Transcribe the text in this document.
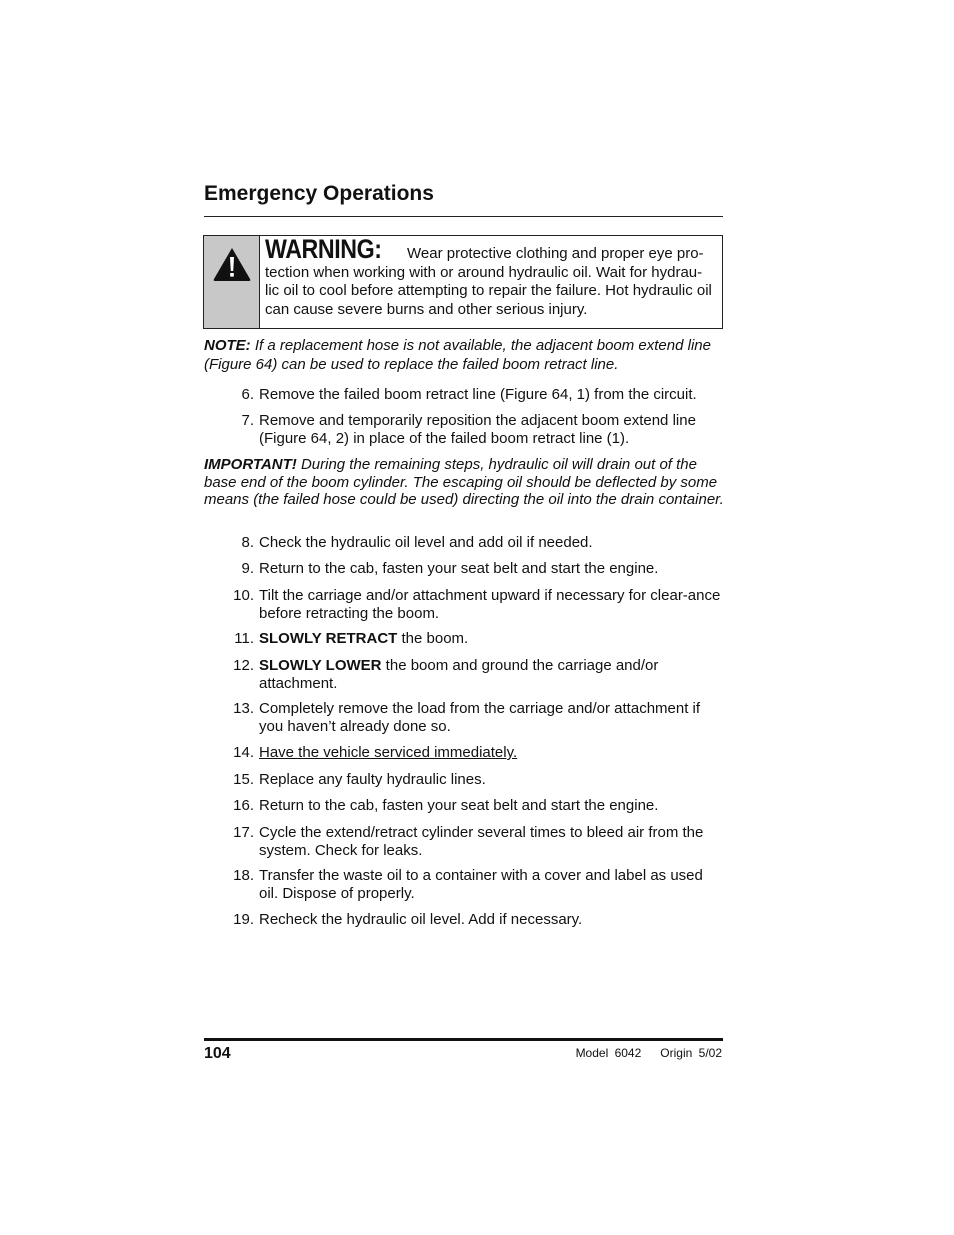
Emergency Operations
WARNING: Wear protective clothing and proper eye pro-
tection when working with or around hydraulic oil. Wait for hydrau-lic oil to cool before attempting to repair the failure. Hot hydraulic oil can cause severe burns and other serious injury.

NOTE: If a replacement hose is not available, the adjacent boom extend line (Figure 64) can be used to replace the failed boom retract line.

6. Remove the failed boom retract line (Figure 64, 1) from the circuit.
7. Remove and temporarily reposition the adjacent boom extend line (Figure 64, 2) in place of the failed boom retract line (1).

IMPORTANT! During the remaining steps, hydraulic oil will drain out of the base end of the boom cylinder. The escaping oil should be deflected by some means (the failed hose could be used) directing the oil into the drain container.

8. Check the hydraulic oil level and add oil if needed.
9. Return to the cab, fasten your seat belt and start the engine.
10. Tilt the carriage and/or attachment upward if necessary for clear-ance before retracting the boom.
11. SLOWLY RETRACT the boom.
12. SLOWLY LOWER the boom and ground the carriage and/or attachment.
13. Completely remove the load from the carriage and/or attachment if you haven’t already done so.
14. Have the vehicle serviced immediately.
15. Replace any faulty hydraulic lines.
16. Return to the cab, fasten your seat belt and start the engine.
17. Cycle the extend/retract cylinder several times to bleed air from the system. Check for leaks.
18. Transfer the waste oil to a container with a cover and label as used oil. Dispose of properly.
19. Recheck the hydraulic oil level. Add if necessary.
104	Model 6042 Origin 5/02
